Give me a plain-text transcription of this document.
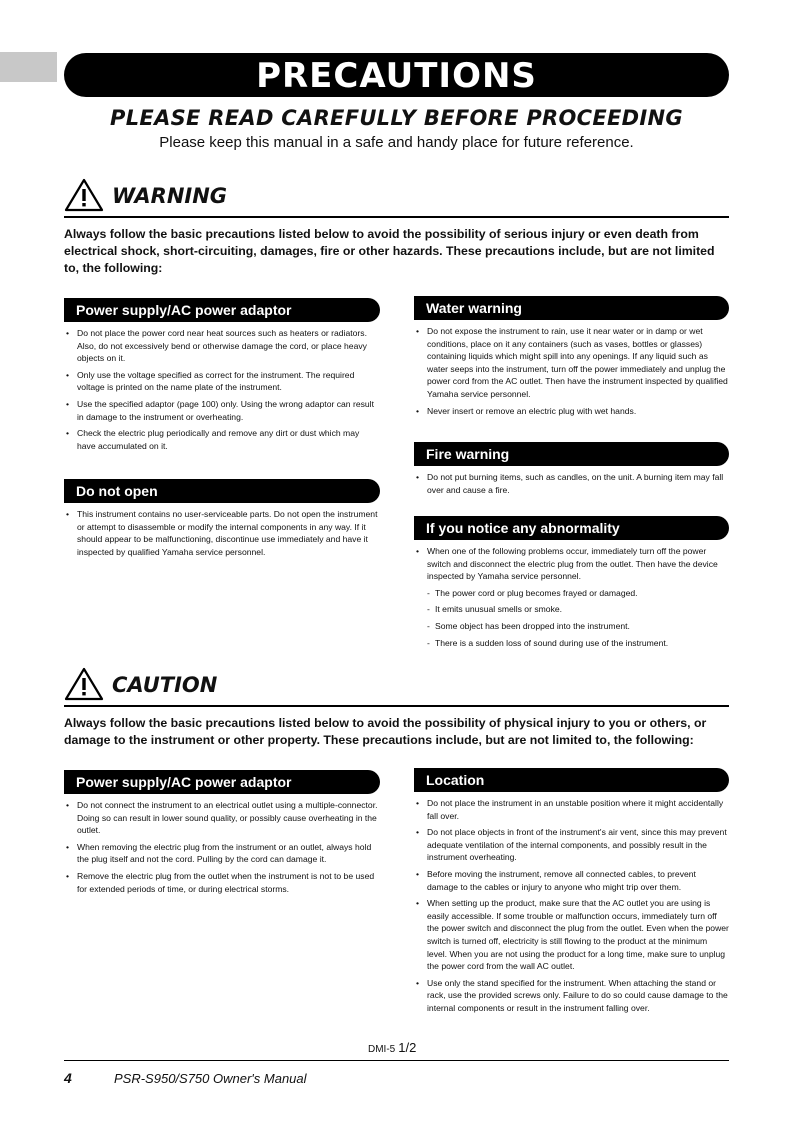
PRECAUTIONS
PLEASE READ CAREFULLY BEFORE PROCEEDING
Please keep this manual in a safe and handy place for future reference.
WARNING
Always follow the basic precautions listed below to avoid the possibility of serious injury or even death from electrical shock, short-circuiting, damages, fire or other hazards. These precautions include, but are not limited to, the following:
Power supply/AC power adaptor
• Do not place the power cord near heat sources such as heaters or radiators. Also, do not excessively bend or otherwise damage the cord, or place heavy objects on it.
• Only use the voltage specified as correct for the instrument. The required voltage is printed on the name plate of the instrument.
• Use the specified adaptor (page 100) only. Using the wrong adaptor can result in damage to the instrument or overheating.
• Check the electric plug periodically and remove any dirt or dust which may have accumulated on it.
Do not open
• This instrument contains no user-serviceable parts. Do not open the instrument or attempt to disassemble or modify the internal components in any way. If it should appear to be malfunctioning, discontinue use immediately and have it inspected by qualified Yamaha service personnel.
Water warning
• Do not expose the instrument to rain, use it near water or in damp or wet conditions, place on it any containers (such as vases, bottles or glasses) containing liquids which might spill into any openings. If any liquid such as water seeps into the instrument, turn off the power immediately and unplug the power cord from the AC outlet. Then have the instrument inspected by qualified Yamaha service personnel.
• Never insert or remove an electric plug with wet hands.
Fire warning
• Do not put burning items, such as candles, on the unit. A burning item may fall over and cause a fire.
If you notice any abnormality
• When one of the following problems occur, immediately turn off the power switch and disconnect the electric plug from the outlet. Then have the device inspected by Yamaha service personnel.
- The power cord or plug becomes frayed or damaged.
- It emits unusual smells or smoke.
- Some object has been dropped into the instrument.
- There is a sudden loss of sound during use of the instrument.
CAUTION
Always follow the basic precautions listed below to avoid the possibility of physical injury to you or others, or damage to the instrument or other property. These precautions include, but are not limited to, the following:
Power supply/AC power adaptor
• Do not connect the instrument to an electrical outlet using a multiple-connector. Doing so can result in lower sound quality, or possibly cause overheating in the outlet.
• When removing the electric plug from the instrument or an outlet, always hold the plug itself and not the cord. Pulling by the cord can damage it.
• Remove the electric plug from the outlet when the instrument is not to be used for extended periods of time, or during electrical storms.
Location
• Do not place the instrument in an unstable position where it might accidentally fall over.
• Do not place objects in front of the instrument's air vent, since this may prevent adequate ventilation of the internal components, and possibly result in the instrument overheating.
• Before moving the instrument, remove all connected cables, to prevent damage to the cables or injury to anyone who might trip over them.
• When setting up the product, make sure that the AC outlet you are using is easily accessible. If some trouble or malfunction occurs, immediately turn off the power switch and disconnect the plug from the outlet. Even when the power switch is turned off, electricity is still flowing to the product at the minimum level. When you are not using the product for a long time, make sure to unplug the power cord from the wall AC outlet.
• Use only the stand specified for the instrument. When attaching the stand or rack, use the provided screws only. Failure to do so could cause damage to the internal components or result in the instrument falling over.
DMI-5 1/2
4	PSR-S950/S750 Owner's Manual
